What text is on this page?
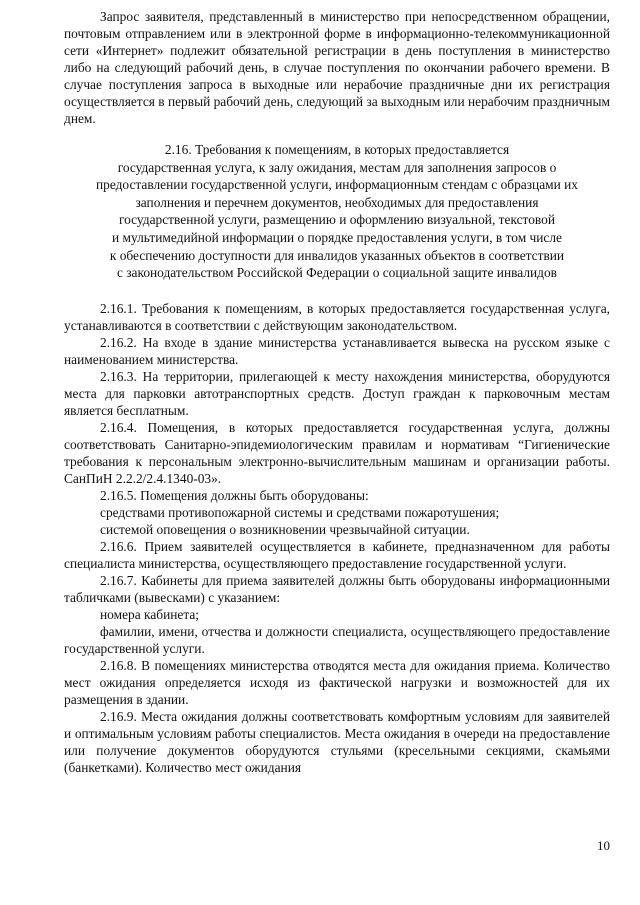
Запрос заявителя, представленный в министерство при непосредственном обращении, почтовым отправлением или в электронной форме в информационно-телекоммуникационной сети «Интернет» подлежит обязательной регистрации в день поступления в министерство либо на следующий рабочий день, в случае поступления по окончании рабочего времени. В случае поступления запроса в выходные или нерабочие праздничные дни их регистрация осуществляется в первый рабочий день, следующий за выходным или нерабочим праздничным днем.

2.16. Требования к помещениям, в которых предоставляется
государственная услуга, к залу ожидания, местам для заполнения запросов о
предоставлении государственной услуги, информационным стендам с образцами их
заполнения и перечнем документов, необходимых для предоставления
государственной услуги, размещению и оформлению визуальной, текстовой
и мультимедийной информации о порядке предоставления услуги, в том числе
к обеспечению доступности для инвалидов указанных объектов в соответствии
с законодательством Российской Федерации о социальной защите инвалидов

2.16.1. Требования к помещениям, в которых предоставляется государственная услуга, устанавливаются в соответствии с действующим законодательством.

2.16.2. На входе в здание министерства устанавливается вывеска на русском языке с наименованием министерства.

2.16.3. На территории, прилегающей к месту нахождения министерства, оборудуются места для парковки автотранспортных средств. Доступ граждан к парковочным местам является бесплатным.

2.16.4. Помещения, в которых предоставляется государственная услуга, должны соответствовать Санитарно-эпидемиологическим правилам и нормативам “Гигиенические требования к персональным электронно-вычислительным машинам и организации работы. СанПиН 2.2.2/2.4.1340-03».

2.16.5. Помещения должны быть оборудованы:

средствами противопожарной системы и средствами пожаротушения;

системой оповещения о возникновении чрезвычайной ситуации.

2.16.6. Прием заявителей осуществляется в кабинете, предназначенном для работы специалиста министерства, осуществляющего предоставление государственной услуги.

2.16.7. Кабинеты для приема заявителей должны быть оборудованы информационными табличками (вывесками) с указанием:

номера кабинета;

фамилии, имени, отчества и должности специалиста, осуществляющего предоставление государственной услуги.

2.16.8. В помещениях министерства отводятся места для ожидания приема. Количество мест ожидания определяется исходя из фактической нагрузки и возможностей для их размещения в здании.

2.16.9. Места ожидания должны соответствовать комфортным условиям для заявителей и оптимальным условиям работы специалистов. Места ожидания в очереди на предоставление или получение документов оборудуются стульями (кресельными секциями, скамьями (банкетками). Количество мест ожидания

10
